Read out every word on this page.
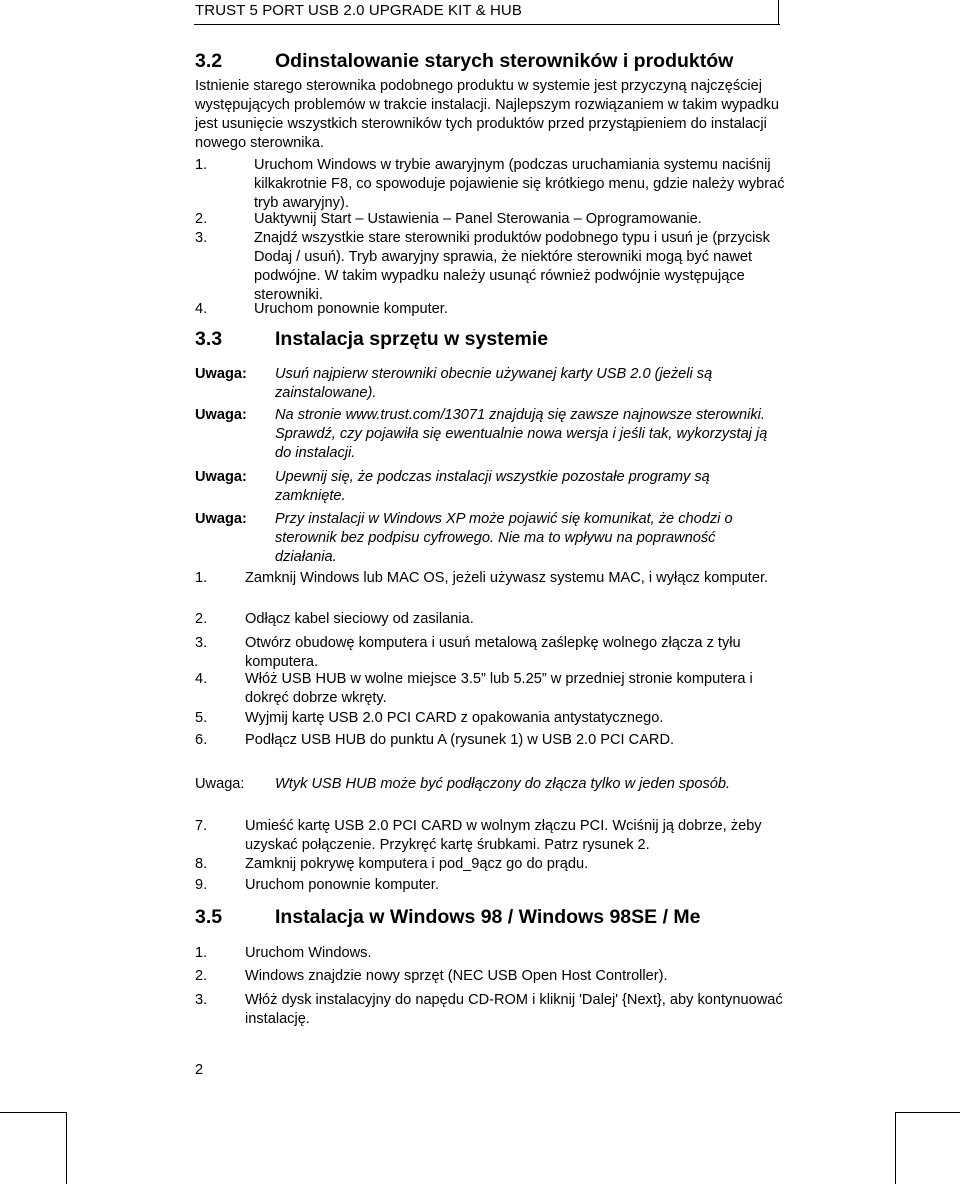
TRUST 5 PORT USB 2.0 UPGRADE KIT & HUB
3.2	Odinstalowanie starych sterowników i produktów
Istnienie starego sterownika podobnego produktu w systemie jest przyczyną najczęściej występujących problemów w trakcie instalacji. Najlepszym rozwiązaniem w takim wypadku jest usunięcie wszystkich sterowników tych produktów przed przystąpieniem do instalacji nowego sterownika.
1.	Uruchom Windows w trybie awaryjnym (podczas uruchamiania systemu naciśnij kilkakrotnie F8, co spowoduje pojawienie się krótkiego menu, gdzie należy wybrać tryb awaryjny).
2.	Uaktywnij Start – Ustawienia – Panel Sterowania – Oprogramowanie.
3.	Znajdź wszystkie stare sterowniki produktów podobnego typu i usuń je (przycisk Dodaj / usuń). Tryb awaryjny sprawia, że niektóre sterowniki mogą być nawet podwójne. W takim wypadku należy usunąć również podwójnie występujące sterowniki.
4.	Uruchom ponownie komputer.
3.3	Instalacja sprzętu w systemie
Uwaga: Usuń najpierw sterowniki obecnie używanej karty USB 2.0 (jeżeli są zainstalowane).
Uwaga: Na stronie www.trust.com/13071 znajdują się zawsze najnowsze sterowniki. Sprawdź, czy pojawiła się ewentualnie nowa wersja i jeśli tak, wykorzystaj ją do instalacji.
Uwaga: Upewnij się, że podczas instalacji wszystkie pozostałe programy są zamknięte.
Uwaga: Przy instalacji w Windows XP może pojawić się komunikat, że chodzi o sterownik bez podpisu cyfrowego. Nie ma to wpływu na poprawność działania.
1.	Zamknij Windows lub MAC OS, jeżeli używasz systemu MAC, i wyłącz komputer.
2.	Odłącz kabel sieciowy od zasilania.
3.	Otwórz obudowę komputera i usuń metalową zaślepkę wolnego złącza z tyłu komputera.
4.	Włóż USB HUB w wolne miejsce 3.5” lub 5.25” w przedniej stronie komputera i dokręć dobrze wkręty.
5.	Wyjmij kartę USB 2.0 PCI CARD z opakowania antystatycznego.
6.	Podłącz USB HUB do punktu A (rysunek 1) w USB 2.0 PCI CARD.
Uwaga: Wtyk USB HUB może być podłączony do złącza tylko w jeden sposób.
7.	Umieść kartę USB 2.0 PCI CARD w wolnym złączu PCI. Wciśnij ją dobrze, żeby uzyskać połączenie. Przykręć kartę śrubkami. Patrz rysunek 2.
8.	Zamknij pokrywę komputera i pod_9ącz go do prądu.
9.	Uruchom ponownie komputer.
3.5	Instalacja w Windows 98 / Windows 98SE / Me
1.	Uruchom Windows.
2.	Windows znajdzie nowy sprzęt (NEC USB Open Host Controller).
3.	Włóż dysk instalacyjny do napędu CD-ROM i kliknij 'Dalej' {Next}, aby kontynuować instalację.
2
